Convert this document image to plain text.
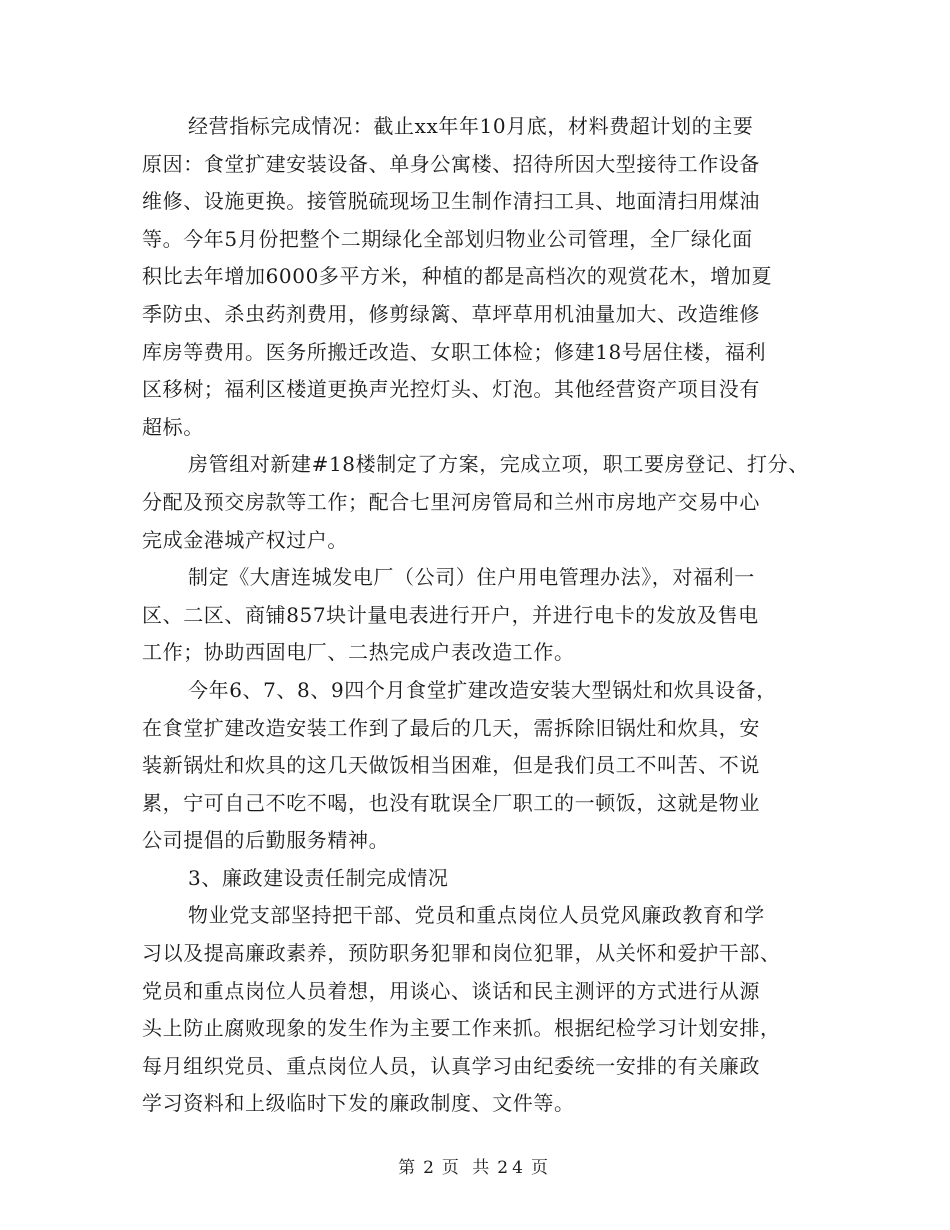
经营指标完成情况：截止xx年年10月底，材料费超计划的主要
原因：食堂扩建安装设备、单身公寓楼、招待所因大型接待工作设备
维修、设施更换。接管脱硫现场卫生制作清扫工具、地面清扫用煤油
等。今年5月份把整个二期绿化全部划归物业公司管理，全厂绿化面
积比去年增加6000多平方米，种植的都是高档次的观赏花木，增加夏
季防虫、杀虫药剂费用，修剪绿篱、草坪草用机油量加大、改造维修
库房等费用。医务所搬迁改造、女职工体检；修建18号居住楼，福利
区移树；福利区楼道更换声光控灯头、灯泡。其他经营资产项目没有
超标。
房管组对新建#18楼制定了方案，完成立项，职工要房登记、打分、
分配及预交房款等工作；配合七里河房管局和兰州市房地产交易中心
完成金港城产权过户。
制定《大唐连城发电厂（公司）住户用电管理办法》，对福利一
区、二区、商铺857块计量电表进行开户，并进行电卡的发放及售电
工作；协助西固电厂、二热完成户表改造工作。
今年6、7、8、9四个月食堂扩建改造安装大型锅灶和炊具设备，
在食堂扩建改造安装工作到了最后的几天，需拆除旧锅灶和炊具，安
装新锅灶和炊具的这几天做饭相当困难，但是我们员工不叫苦、不说
累，宁可自己不吃不喝，也没有耽误全厂职工的一顿饭，这就是物业
公司提倡的后勤服务精神。
3、廉政建设责任制完成情况
物业党支部坚持把干部、党员和重点岗位人员党风廉政教育和学
习以及提高廉政素养，预防职务犯罪和岗位犯罪，从关怀和爱护干部、
党员和重点岗位人员着想，用谈心、谈话和民主测评的方式进行从源
头上防止腐败现象的发生作为主要工作来抓。根据纪检学习计划安排，
每月组织党员、重点岗位人员，认真学习由纪委统一安排的有关廉政
学习资料和上级临时下发的廉政制度、文件等。
第 2 页 共 24 页
